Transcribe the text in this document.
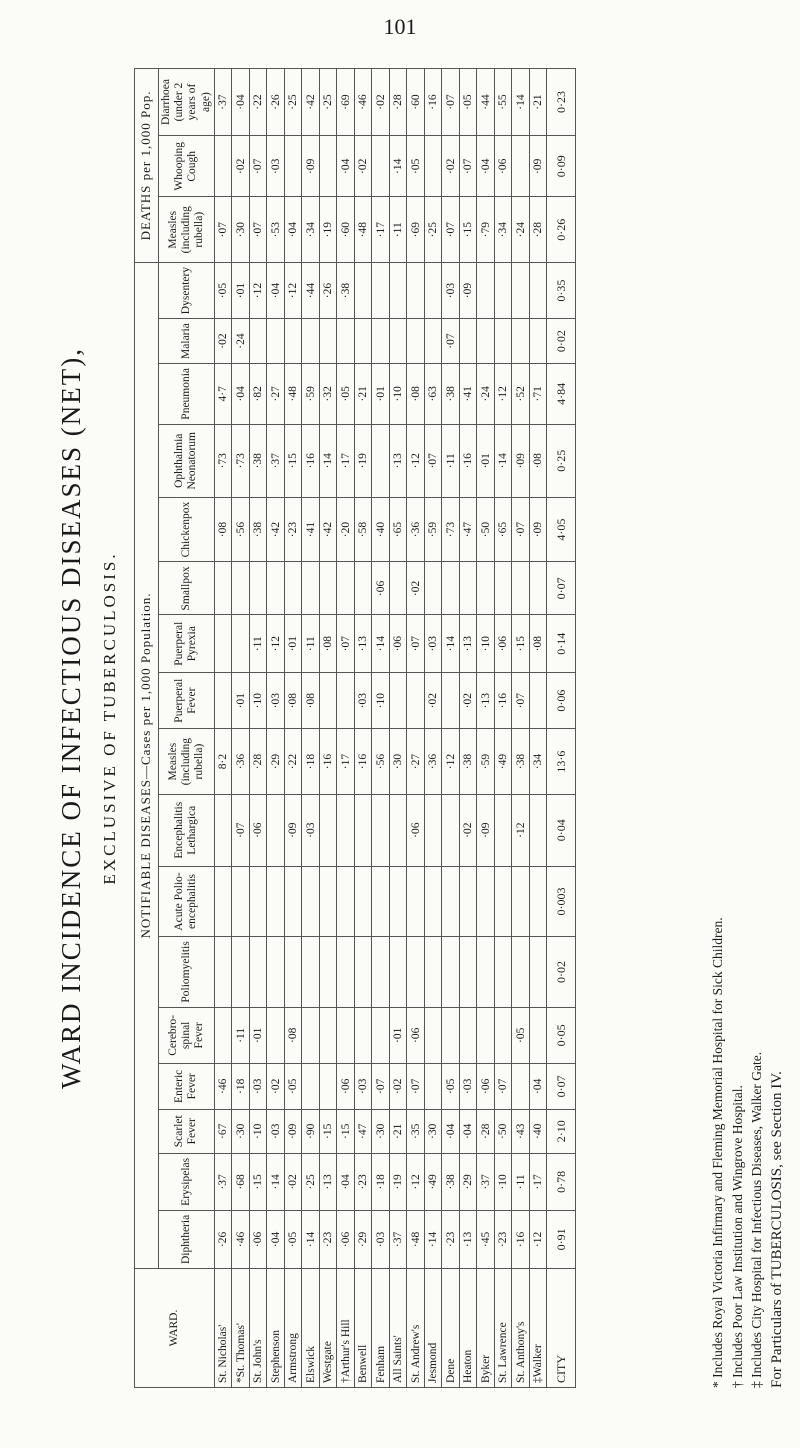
101
WARD INCIDENCE OF INFECTIOUS DISEASES (NET), EXCLUSIVE OF TUBERCULOSIS.
WARD.	NOTIFIABLE DISEASES—Cases per 1,000 Population.																	DEATHS per 1,000 Pop.		
	Diphtheria	Erysipelas	Scarlet Fever	Enteric Fever	Cerebro-spinal Fever	Poliomyelitis	Acute Polio-encephalitis	Encephalitis Lethargica	Measles (including rubella)	Puerperal Fever	Puerperal Pyrexia	Smallpox	Chickenpox	Ophthalmia Neonatorum	Pneumonia	Malaria	Dysentery	Measles (including rubella)	Whooping Cough	Diarrhoea (under 2 years of age)
St. Nicholas'	·26	·37	·67	·46					8·2				·08	·73	4·7	·02	·05	·07		·37
*St. Thomas'	·46	·68	·30	·18	·11			·07	·36	·01			·56	·73	·04	·24	·01	·30	·02	·04
St. John's	·06	·15	·10	·03	·01			·06	·28	·10	·11		·38	·38	·82		·12	·07	·07	·22
Stephenson	·04	·14	·03	·02					·29	·03	·12		·42	·37	·27		·04	·53	·03	·26
Armstrong	·05	·02	·09	·05	·08			·09	·22	·08	·01		·23	·15	·48		·12	·04		·25
Elswick	·14	·25	·90					·03	·18	·08	·11		·41	·16	·59		·44	·34	·09	·42
Westgate	·23	·13	·15						·16		·08		·42	·14	·32		·26	·19		·25
†Arthur's Hill	·06	·04	·15	·06					·17		·07		·20	·17	·05		·38	·60	·04	·69
Benwell	·29	·23	·47	·03					·16	·03	·13		·58	·19	·21			·48	·02	·46
Fenham	·03	·18	·30	·07					·56	·10	·14	·06	·40		·01			·17		·02
All Saints'	·37	·19	·21	·02	·01				·30		·06		·65	·13	·10			·11	·14	·28
St. Andrew's	·48	·12	·35	·07	·06			·06	·27		·07	·02	·36	·12	·08			·69	·05	·60
Jesmond	·14	·49	·30						·36	·02	·03		·59	·07	·63			·25		·16
Dene	·23	·38	·04	·05					·12		·14		·73	·11	·38	·07	·03	·07	·02	·07
Heaton	·13	·29	·04	·03				·02	·38	·02	·13		·47	·16	·41		·09	·15	·07	·05
Byker	·45	·37	·28	·06				·09	·59	·13	·10		·50	·01	·24			·79	·04	·44
St. Lawrence	·23	·10	·50	·07					·49	·16	·06		·65	·14	·12			·34	·06	·55
St. Anthony's	·16	·11	·43		·05			·12	·38	·07	·15		·07	·09	·52			·24		·14
‡Walker	·12	·17	·40	·04					·34		·08		·09	·08	·71			·28	·09	·21
CITY	0·91	0·78	2·10	0·07	0·05	0·02	0·003	0·04	13·6	0·06	0·14	0·07	4·05	0·25	4·84	0·02	0·35	0·26	0·09	0·23
* Includes Royal Victoria Infirmary and Fleming Memorial Hospital for Sick Children. † Includes Poor Law Institution and Wingrove Hospital. ‡ Includes City Hospital for Infectious Diseases, Walker Gate. For Particulars of TUBERCULOSIS, see Section IV.
